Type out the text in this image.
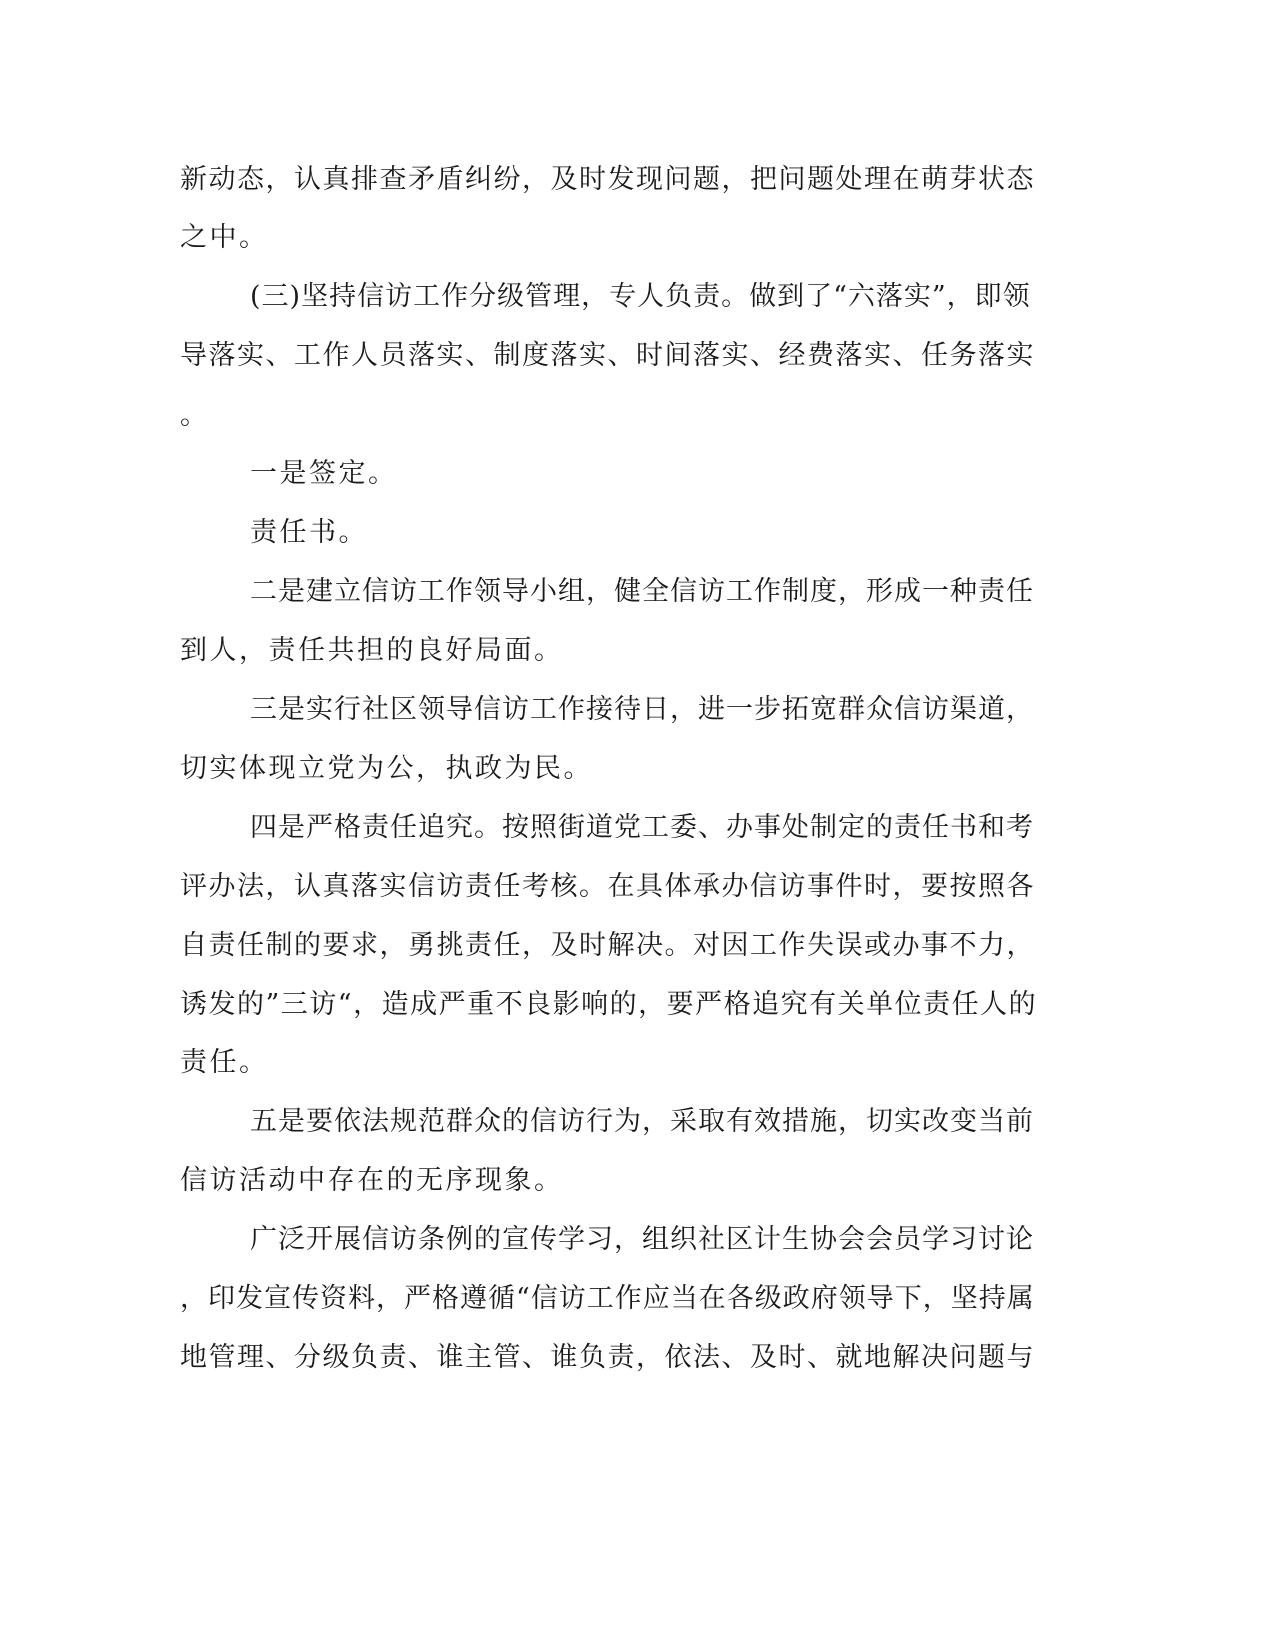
新动态，认真排查矛盾纠纷，及时发现问题，把问题处理在萌芽状态
之中。
(三)坚持信访工作分级管理，专人负责。做到了“六落实”，即领
导落实、工作人员落实、制度落实、时间落实、经费落实、任务落实
。
一是签定。
责任书。
二是建立信访工作领导小组，健全信访工作制度，形成一种责任
到人，责任共担的良好局面。
三是实行社区领导信访工作接待日，进一步拓宽群众信访渠道，
切实体现立党为公，执政为民。
四是严格责任追究。按照街道党工委、办事处制定的责任书和考
评办法，认真落实信访责任考核。在具体承办信访事件时，要按照各
自责任制的要求，勇挑责任，及时解决。对因工作失误或办事不力，
诱发的”三访“，造成严重不良影响的，要严格追究有关单位责任人的
责任。
五是要依法规范群众的信访行为，采取有效措施，切实改变当前
信访活动中存在的无序现象。
广泛开展信访条例的宣传学习，组织社区计生协会会员学习讨论
，印发宣传资料，严格遵循“信访工作应当在各级政府领导下，坚持属
地管理、分级负责、谁主管、谁负责，依法、及时、就地解决问题与
